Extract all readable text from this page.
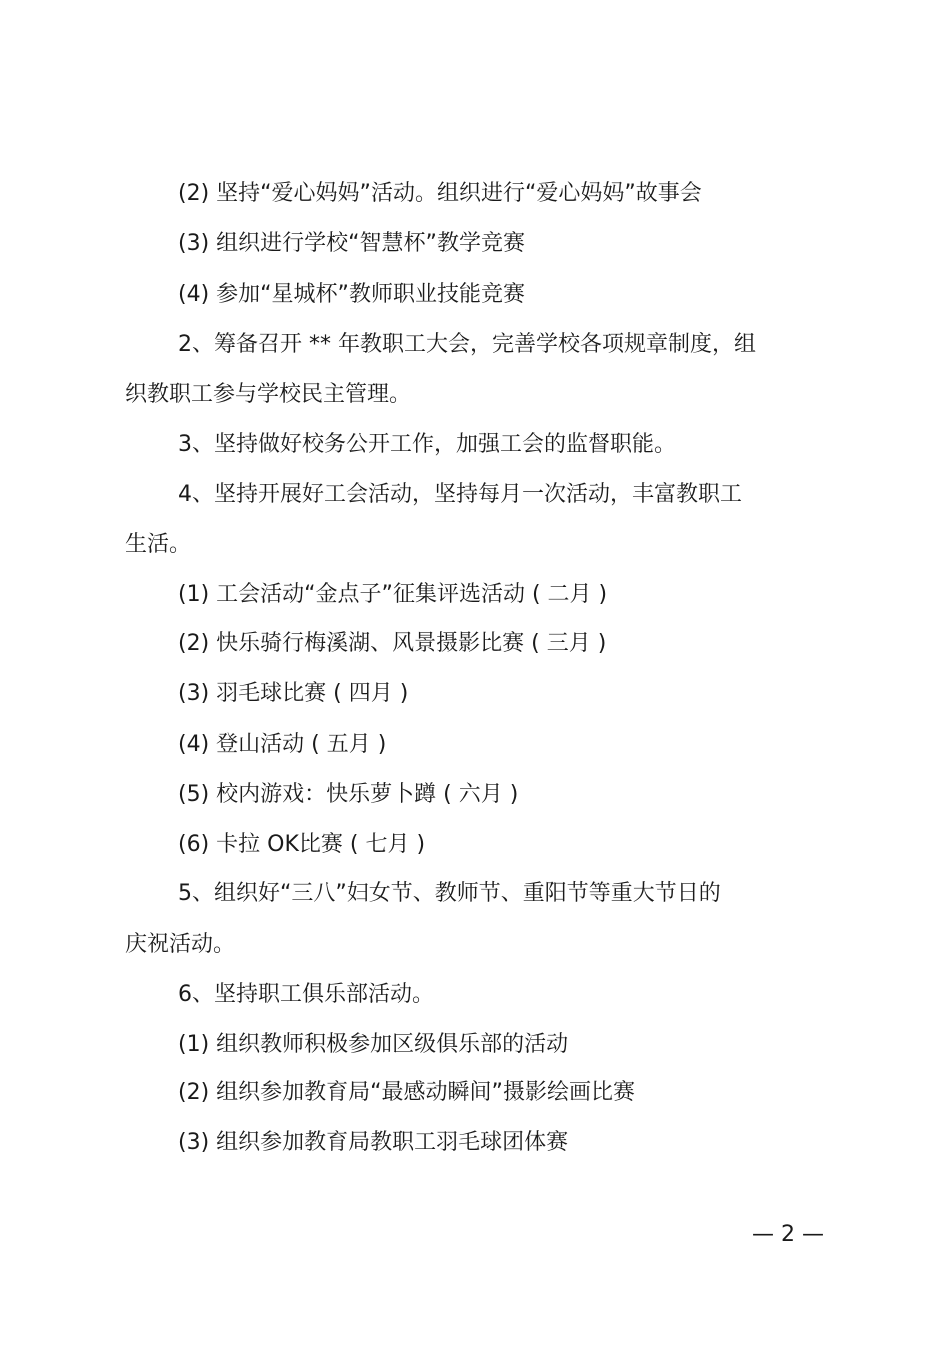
(2) 坚持“爱心妈妈”活动。组织进行“爱心妈妈”故事会
(3) 组织进行学校“智慧杯”教学竞赛
(4) 参加“星城杯”教师职业技能竞赛
2、筹备召开 ** 年教职工大会，完善学校各项规章制度，组
织教职工参与学校民主管理。
3、坚持做好校务公开工作，加强工会的监督职能。
4、坚持开展好工会活动，坚持每月一次活动，丰富教职工
生活。
(1) 工会活动“金点子”征集评选活动 ( 二月 )
(2) 快乐骑行梅溪湖、风景摄影比赛 ( 三月 )
(3) 羽毛球比赛 ( 四月 )
(4) 登山活动 ( 五月 )
(5) 校内游戏：快乐萝卜蹲 ( 六月 )
(6) 卡拉 OK比赛 ( 七月 )
5、组织好“三八”妇女节、教师节、重阳节等重大节日的
庆祝活动。
6、坚持职工俱乐部活动。
(1) 组织教师积极参加区级俱乐部的活动
(2) 组织参加教育局“最感动瞬间”摄影绘画比赛
(3) 组织参加教育局教职工羽毛球团体赛
— 2 —
